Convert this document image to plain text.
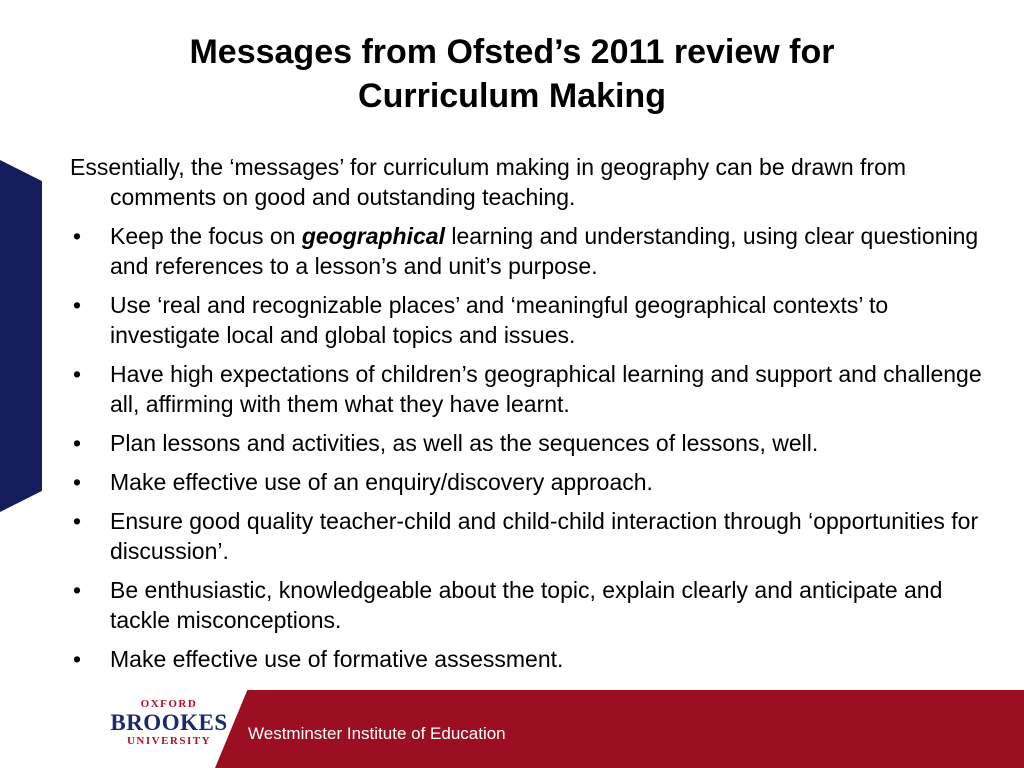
Messages from Ofsted’s 2011 review for
Curriculum Making

Essentially, the ‘messages’ for curriculum making in geography can be drawn from comments on good and outstanding teaching.

• Keep the focus on geographical learning and understanding, using clear questioning and references to a lesson’s and unit’s purpose.
• Use ‘real and recognizable places’ and ‘meaningful geographical contexts’ to investigate local and global topics and issues.
• Have high expectations of children’s geographical learning and support and challenge all, affirming with them what they have learnt.
• Plan lessons and activities, as well as the sequences of lessons, well.
• Make effective use of an enquiry/discovery approach.
• Ensure good quality teacher-child and child-child interaction through ‘opportunities for discussion’.
• Be enthusiastic, knowledgeable about the topic, explain clearly and anticipate and tackle misconceptions.
• Make effective use of formative assessment.
OXFORD
BROOKES
UNIVERSITY	Westminster Institute of Education
